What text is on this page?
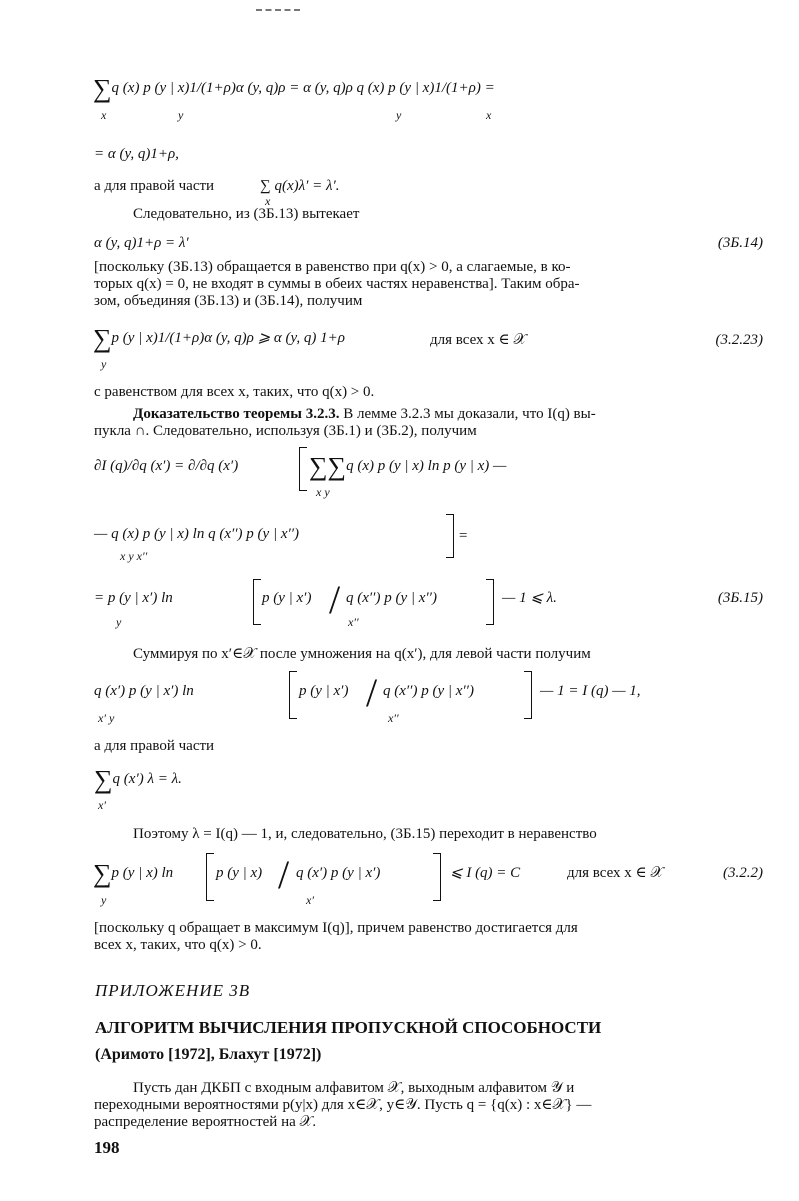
∑q (x) p (y | x)1/(1+ρ)α (y, q)ρ = α (y, q)ρ q (x) p (y | x)1/(1+ρ) =
x	y	y	x
= α (y, q)1+ρ,
а для правой части	∑ q(x)λ′ = λ′.
x
Следовательно, из (3Б.13) вытекает
α (y, q)1+ρ = λ′	(3Б.14)
[поскольку (3Б.13) обращается в равенство при q(x) > 0, а слагаемые, в ко-
торых q(x) = 0, не входят в суммы в обеих частях неравенства]. Таким обра-
зом, объединяя (3Б.13) и (3Б.14), получим
∑p (y | x)1/(1+ρ)α (y, q)ρ ⩾ α (y, q) 1+ρ	для всех x ∈ 𝒳	(3.2.23)
y
с равенством для всех x, таких, что q(x) > 0.
Доказательство теоремы 3.2.3. В лемме 3.2.3 мы доказали, что I(q) вы-
пукла ∩. Следовательно, используя (3Б.1) и (3Б.2), получим
∂I (q)/∂q (x′) = ∂/∂q (x′)	∑∑q (x) p (y | x) ln p (y | x) —
x y
— q (x) p (y | x) ln q (x′′) p (y | x′′)	=
x y x′′
= p (y | x′) ln	p (y | x′) / q (x′′) p (y | x′′)	— 1 ⩽ λ.	(3Б.15)
y	x′′
Суммируя по x′∈𝒳 после умножения на q(x′), для левой части получим
q (x′) p (y | x′) ln	p (y | x′) / q (x′′) p (y | x′′)	— 1 = I (q) — 1,
x′ y	x′′
а для правой части
∑q (x′) λ = λ.
x′
Поэтому λ = I(q) — 1, и, следовательно, (3Б.15) переходит в неравенство
∑p (y | x) ln	p (y | x) / q (x′) p (y | x′)	⩽ I (q) = C	для всех x ∈ 𝒳	(3.2.2)
y	x′
[поскольку q обращает в максимум I(q)], причем равенство достигается для
всех x, таких, что q(x) > 0.
ПРИЛОЖЕНИЕ 3В
АЛГОРИТМ ВЫЧИСЛЕНИЯ ПРОПУСКНОЙ СПОСОБНОСТИ
(Аримото [1972], Блахут [1972])
Пусть дан ДКБП с входным алфавитом 𝒳, выходным алфавитом 𝒴 и
переходными вероятностями p(y|x) для x∈𝒳, y∈𝒴. Пусть q = {q(x) : x∈𝒳} —
распределение вероятностей на 𝒳.
198
